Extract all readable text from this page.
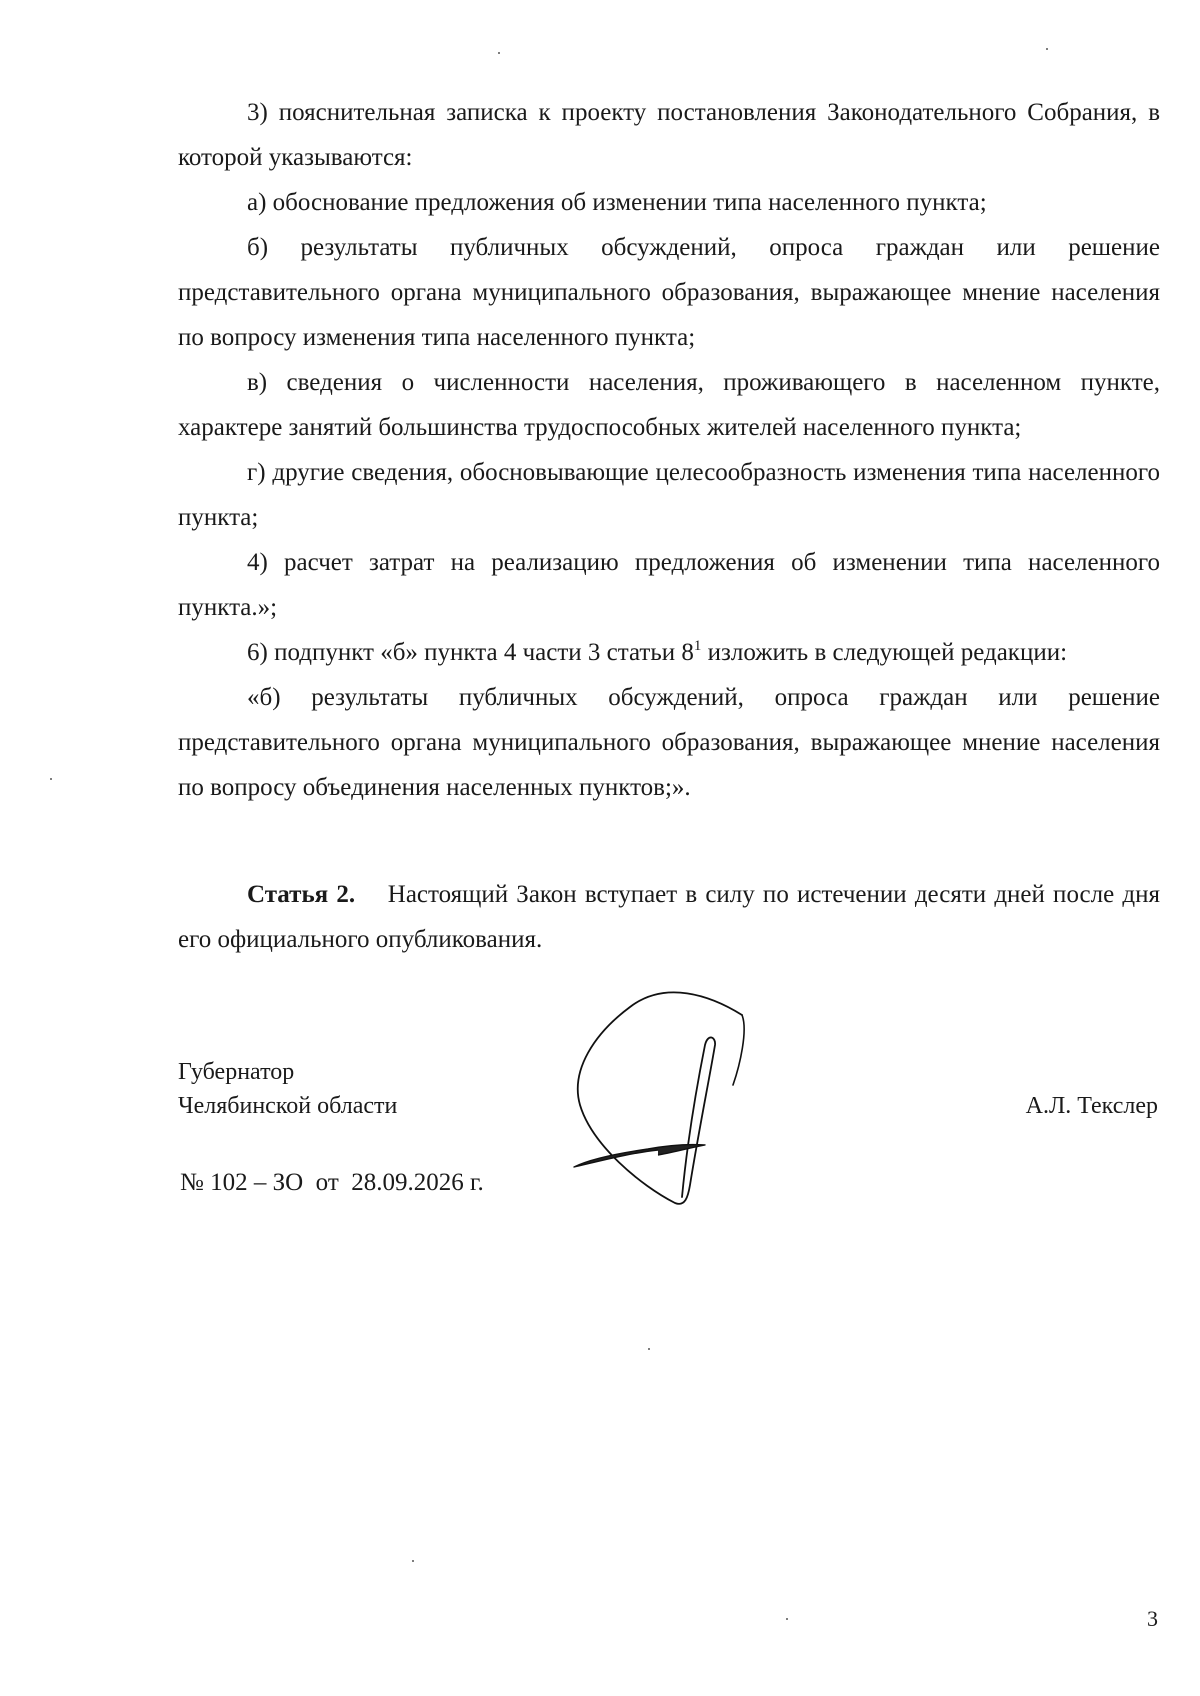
3) пояснительная записка к проекту постановления Законодательного Собрания, в которой указываются:

а) обоснование предложения об изменении типа населенного пункта;

б) результаты публичных обсуждений, опроса граждан или решение представительного органа муниципального образования, выражающее мнение населения по вопросу изменения типа населенного пункта;

в) сведения о численности населения, проживающего в населенном пункте, характере занятий большинства трудоспособных жителей населенного пункта;

г) другие сведения, обосновывающие целесообразность изменения типа населенного пункта;

4) расчет затрат на реализацию предложения об изменении типа населенного пункта.»;

6) подпункт «б» пункта 4 части 3 статьи $8^1$ изложить в следующей редакции:

«б) результаты публичных обсуждений, опроса граждан или решение представительного органа муниципального образования, выражающее мнение населения по вопросу объединения населенных пунктов;».

Статья 2. Настоящий Закон вступает в силу по истечении десяти дней после дня его официального опубликования.

Губернатор
Челябинской области	А.Л. Текслер
№ 102 – ЗО  от  28.09.2026 г.
3
